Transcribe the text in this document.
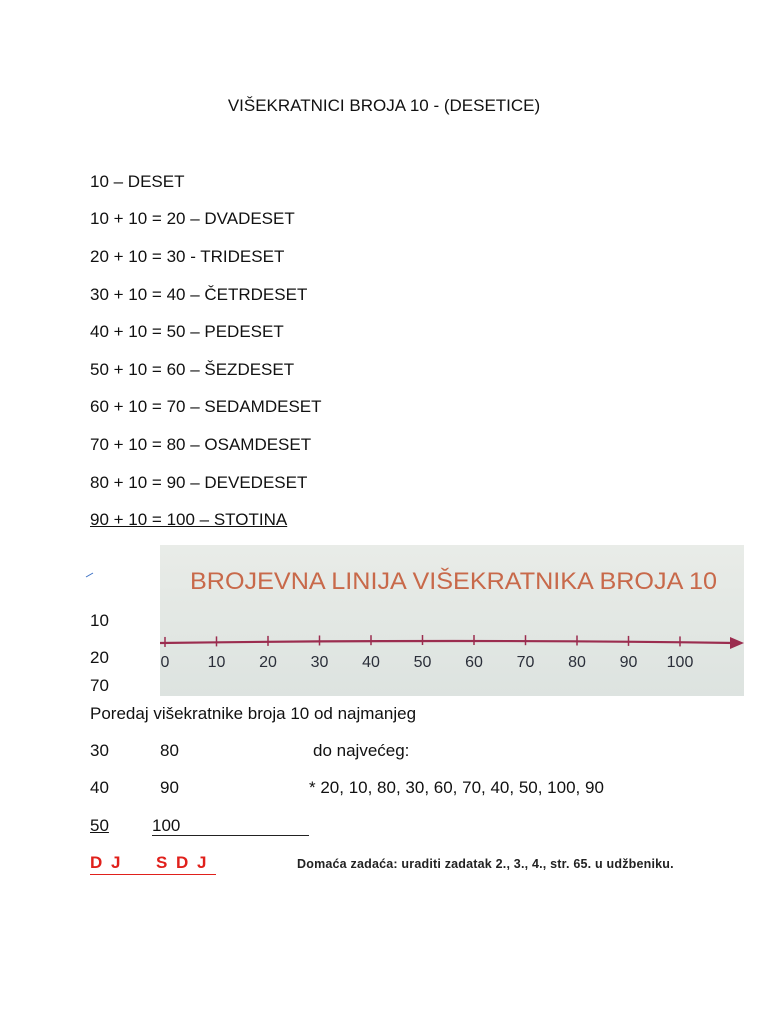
VIŠEKRATNICI BROJA 10 - (DESETICE)
10 – DESET
10 + 10 = 20 – DVADESET
20 + 10 = 30 - TRIDESET
30 + 10 = 40 – ČETRDESET
40 + 10 = 50 – PEDESET
50 + 10 = 60 – ŠEZDESET
60 + 10 = 70 – SEDAMDESET
70 + 10 = 80 – OSAMDESET
80 + 10 = 90 – DEVEDESET
90 + 10 = 100 – STOTINA
BROJEVNA LINIJA VIŠEKRATNIKA BROJA 10
0 10 20 30 40 50 60 70 80 90 100
10
20
70
Poredaj višekratnike broja 10 od najmanjeg
30	80	do najvećeg:
40	90	* 20, 10, 80, 30, 60, 70, 40, 50, 100, 90
50	100
D J S D J	Domaća zadaća: uraditi zadatak 2., 3., 4., str. 65. u udžbeniku.
